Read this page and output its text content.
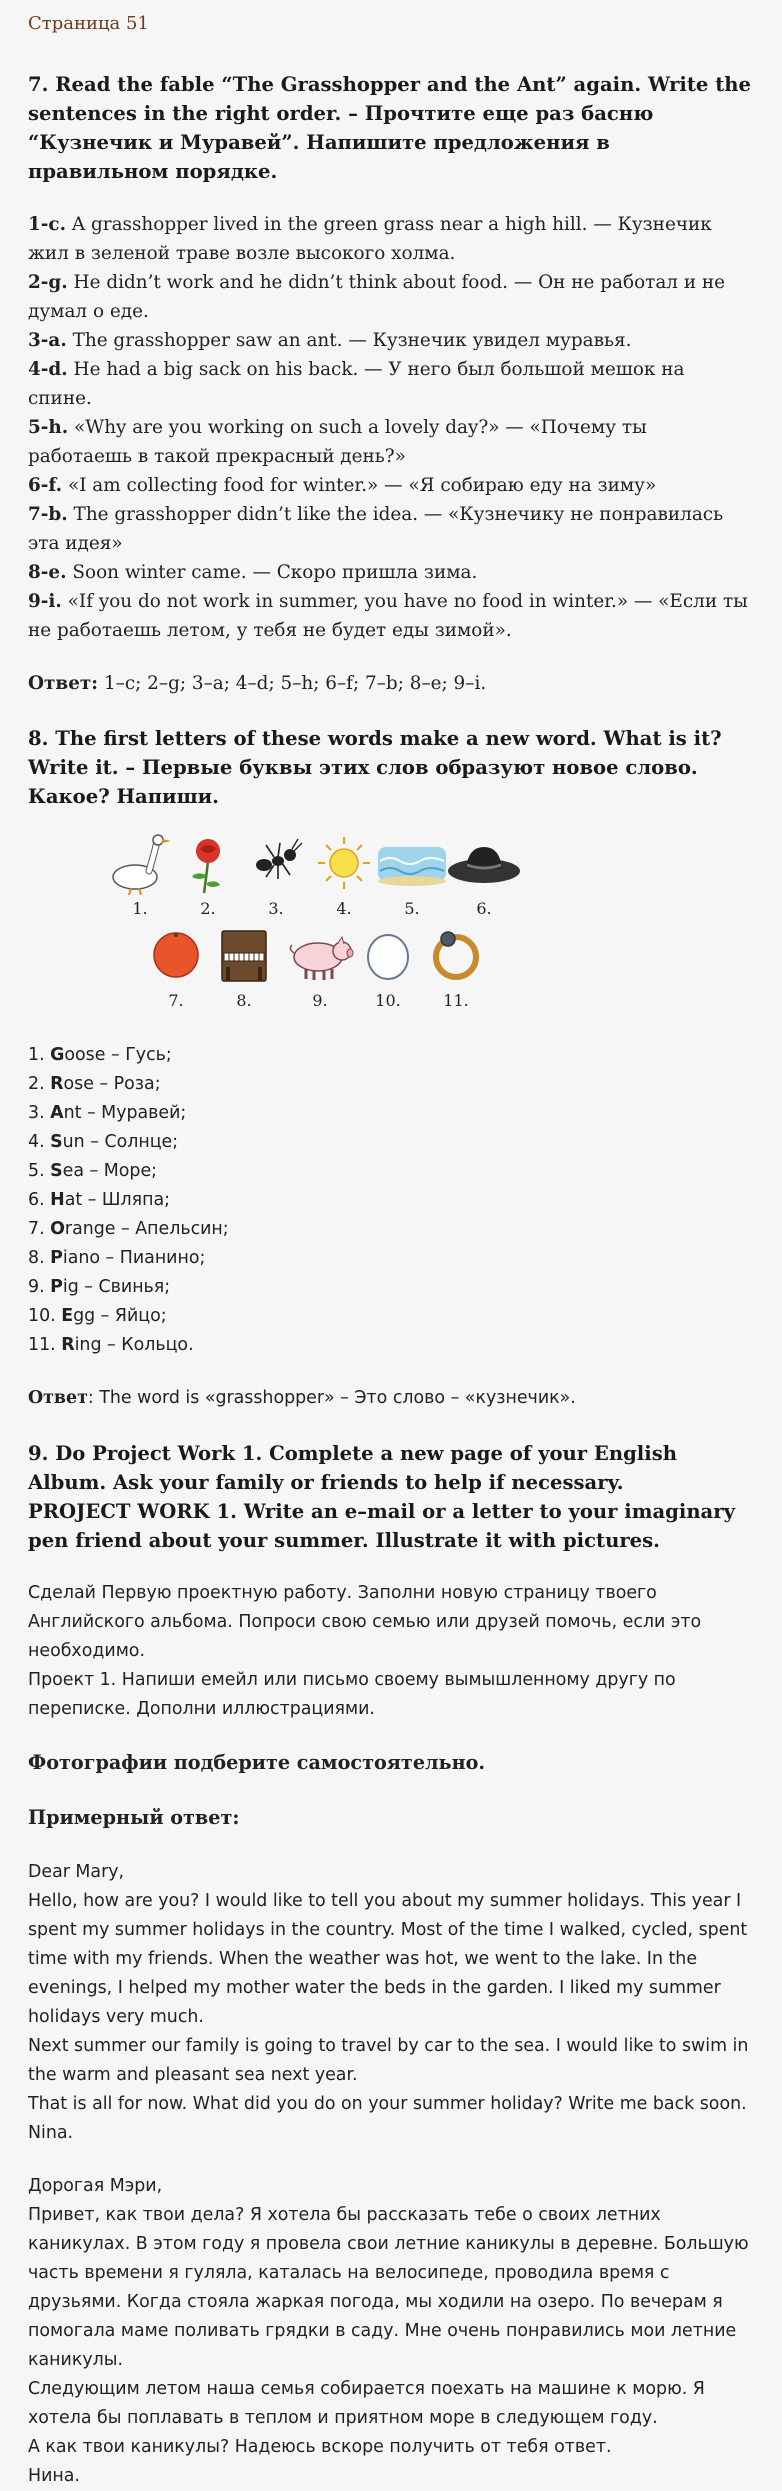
Страница 51

7. Read the fable “The Grasshopper and the Ant” again. Write the sentences in the right order. – Прочтите еще раз басню “Кузнечик и Муравей”. Напишите предложения в правильном порядке.

1-c. A grasshopper lived in the green grass near a high hill. — Кузнечик жил в зеленой траве возле высокого холма.

2-g. He didn’t work and he didn’t think about food. — Он не работал и не думал о еде.

3-a. The grasshopper saw an ant. — Кузнечик увидел муравья.

4-d. He had a big sack on his back. — У него был большой мешок на спине.

5-h. «Why are you working on such a lovely day?» — «Почему ты работаешь в такой прекрасный день?»

6-f. «I am collecting food for winter.» — «Я собираю еду на зиму»

7-b. The grasshopper didn’t like the idea. — «Кузнечику не понравилась эта идея»

8-e. Soon winter came. — Скоро пришла зима.

9-i. «If you do not work in summer, you have no food in winter.» — «Если ты не работаешь летом, у тебя не будет еды зимой».

Ответ: 1–c; 2–g; 3–a; 4–d; 5–h; 6–f; 7–b; 8–e; 9–i.

8. The first letters of these words make a new word. What is it? Write it. – Первые буквы этих слов образуют новое слово. Какое? Напиши.

1.	2.	3.	4.	5.	6.
7.	8.	9.	10.	11.

1. Goose – Гусь;

2. Rose – Роза;

3. Ant – Муравей;

4. Sun – Солнце;

5. Sea – Море;

6. Hat – Шляпа;

7. Orange – Апельсин;

8. Piano – Пианино;

9. Pig – Свинья;

10. Egg – Яйцо;

11. Ring – Кольцо.

Ответ: The word is «grasshopper» – Это слово – «кузнечик».

9. Do Project Work 1. Complete a new page of your English Album. Ask your family or friends to help if necessary.
PROJECT WORK 1. Write an e–mail or a letter to your imaginary pen friend about your summer. Illustrate it with pictures.

Сделай Первую проектную работу. Заполни новую страницу твоего Английского альбома. Попроси свою семью или друзей помочь, если это необходимо.

Проект 1. Напиши емейл или письмо своему вымышленному другу по переписке. Дополни иллюстрациями.

Фотографии подберите самостоятельно.

Примерный ответ:

Dear Mary,

Hello, how are you? I would like to tell you about my summer holidays. This year I spent my summer holidays in the country. Most of the time I walked, cycled, spent time with my friends. When the weather was hot, we went to the lake. In the evenings, I helped my mother water the beds in the garden. I liked my summer holidays very much.

Next summer our family is going to travel by car to the sea. I would like to swim in the warm and pleasant sea next year.

That is all for now. What did you do on your summer holiday? Write me back soon.

Nina.

Дорогая Мэри,

Привет, как твои дела? Я хотела бы рассказать тебе о своих летних каникулах. В этом году я провела свои летние каникулы в деревне. Большую часть времени я гуляла, каталась на велосипеде, проводила время с друзьями. Когда стояла жаркая погода, мы ходили на озеро. По вечерам я помогала маме поливать грядки в саду. Мне очень понравились мои летние каникулы.

Следующим летом наша семья собирается поехать на машине к морю. Я хотела бы поплавать в теплом и приятном море в следующем году.

А как твои каникулы? Надеюсь вскоре получить от тебя ответ.

Нина.
